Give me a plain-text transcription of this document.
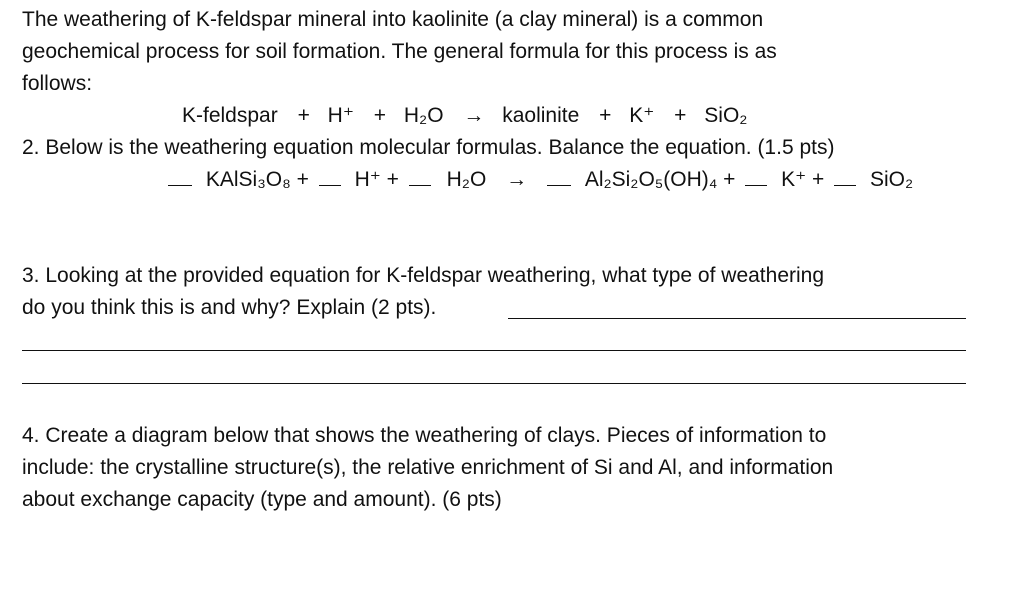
The weathering of K-feldspar mineral into kaolinite (a clay mineral) is a common
geochemical process for soil formation. The general formula for this process is as
follows:
K-feldspar + H⁺ + H₂O → kaolinite + K⁺ + SiO₂
2. Below is the weathering equation molecular formulas. Balance the equation. (1.5 pts)
KAlSi₃O₈ + H⁺ + H₂O →	Al₂Si₂O₅(OH)₄ + K⁺ + SiO₂
3. Looking at the provided equation for K-feldspar weathering, what type of weathering
do you think this is and why? Explain (2 pts).
4. Create a diagram below that shows the weathering of clays. Pieces of information to
include: the crystalline structure(s), the relative enrichment of Si and Al, and information
about exchange capacity (type and amount). (6 pts)
